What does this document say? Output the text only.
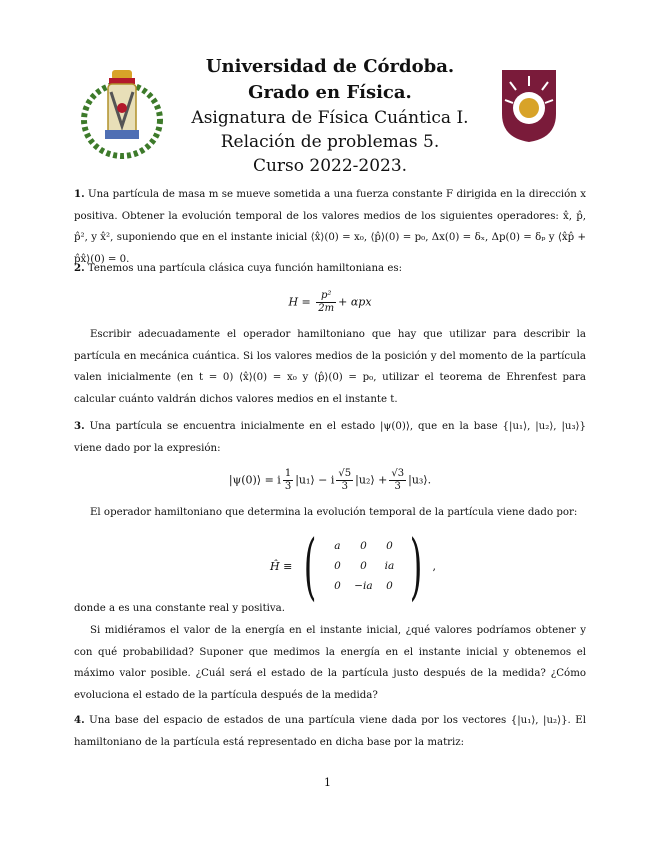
Universidad de Córdoba.
Grado en Física.
Asignatura de Física Cuántica I.
Relación de problemas 5.
Curso 2022-2023.
1. Una partícula de masa m se mueve sometida a una fuerza constante F dirigida en la dirección x positiva. Obtener la evolución temporal de los valores medios de los siguientes operadores: x̂, p̂, p̂², y x̂², suponiendo que en el instante inicial ⟨x̂⟩(0) = x₀, ⟨p̂⟩(0) = p₀, Δx(0) = δₓ, Δp(0) = δₚ y ⟨x̂p̂ + p̂x̂⟩(0) = 0.
2. Tenemos una partícula clásica cuya función hamiltoniana es:
$H = \frac{\text{p²}}{2m} + \alpha px$
Escribir adecuadamente el operador hamiltoniano que hay que utilizar para describir la partícula en mecánica cuántica. Si los valores medios de la posición y del momento de la partícula valen inicialmente (en t = 0) ⟨x̂⟩(0) = x₀ y ⟨p̂⟩(0) = p₀, utilizar el teorema de Ehrenfest para calcular cuánto valdrán dichos valores medios en el instante t.
3. Una partícula se encuentra inicialmente en el estado |ψ(0)⟩, que en la base {|u₁⟩, |u₂⟩, |u₃⟩} viene dado por la expresión:
|ψ(0)⟩ = i $\frac{1}{3}$ |u₁⟩ − i $\frac{√5}{3}$ |u₂⟩ + $\frac{√3}{3}$ |u₃⟩.
El operador hamiltoniano que determina la evolución temporal de la partícula viene dado por:
Ĥ ≡ (	a	0	0
0	0	ia
0	−ia	0 ) ,
donde a es una constante real y positiva.
Si midiéramos el valor de la energía en el instante inicial, ¿qué valores podríamos obtener y con qué probabilidad? Suponer que medimos la energía en el instante inicial y obtenemos el máximo valor posible. ¿Cuál será el estado de la partícula justo después de la medida? ¿Cómo evoluciona el estado de la partícula después de la medida?
4. Una base del espacio de estados de una partícula viene dada por los vectores {|u₁⟩, |u₂⟩}. El hamiltoniano de la partícula está representado en dicha base por la matriz:
1
